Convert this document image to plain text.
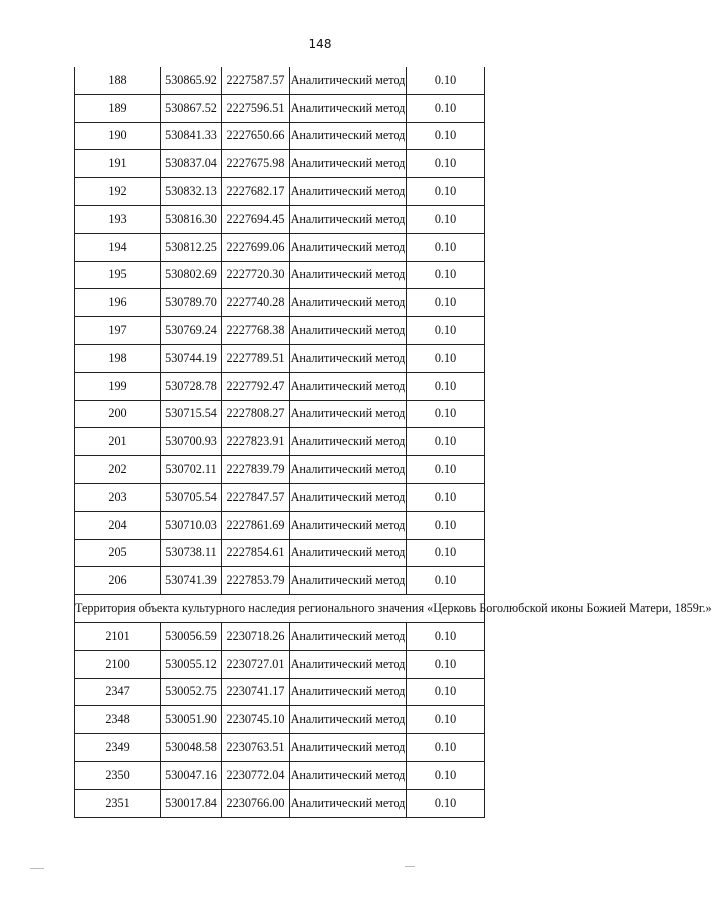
148
188	530865.92	2227587.57	Аналитический метод	0.10
189	530867.52	2227596.51	Аналитический метод	0.10
190	530841.33	2227650.66	Аналитический метод	0.10
191	530837.04	2227675.98	Аналитический метод	0.10
192	530832.13	2227682.17	Аналитический метод	0.10
193	530816.30	2227694.45	Аналитический метод	0.10
194	530812.25	2227699.06	Аналитический метод	0.10
195	530802.69	2227720.30	Аналитический метод	0.10
196	530789.70	2227740.28	Аналитический метод	0.10
197	530769.24	2227768.38	Аналитический метод	0.10
198	530744.19	2227789.51	Аналитический метод	0.10
199	530728.78	2227792.47	Аналитический метод	0.10
200	530715.54	2227808.27	Аналитический метод	0.10
201	530700.93	2227823.91	Аналитический метод	0.10
202	530702.11	2227839.79	Аналитический метод	0.10
203	530705.54	2227847.57	Аналитический метод	0.10
204	530710.03	2227861.69	Аналитический метод	0.10
205	530738.11	2227854.61	Аналитический метод	0.10
206	530741.39	2227853.79	Аналитический метод	0.10
Территория объекта культурного наследия регионального значения «Церковь Боголюбской иконы Божией Матери, 1859г.»				
2101	530056.59	2230718.26	Аналитический метод	0.10
2100	530055.12	2230727.01	Аналитический метод	0.10
2347	530052.75	2230741.17	Аналитический метод	0.10
2348	530051.90	2230745.10	Аналитический метод	0.10
2349	530048.58	2230763.51	Аналитический метод	0.10
2350	530047.16	2230772.04	Аналитический метод	0.10
2351	530017.84	2230766.00	Аналитический метод	0.10
